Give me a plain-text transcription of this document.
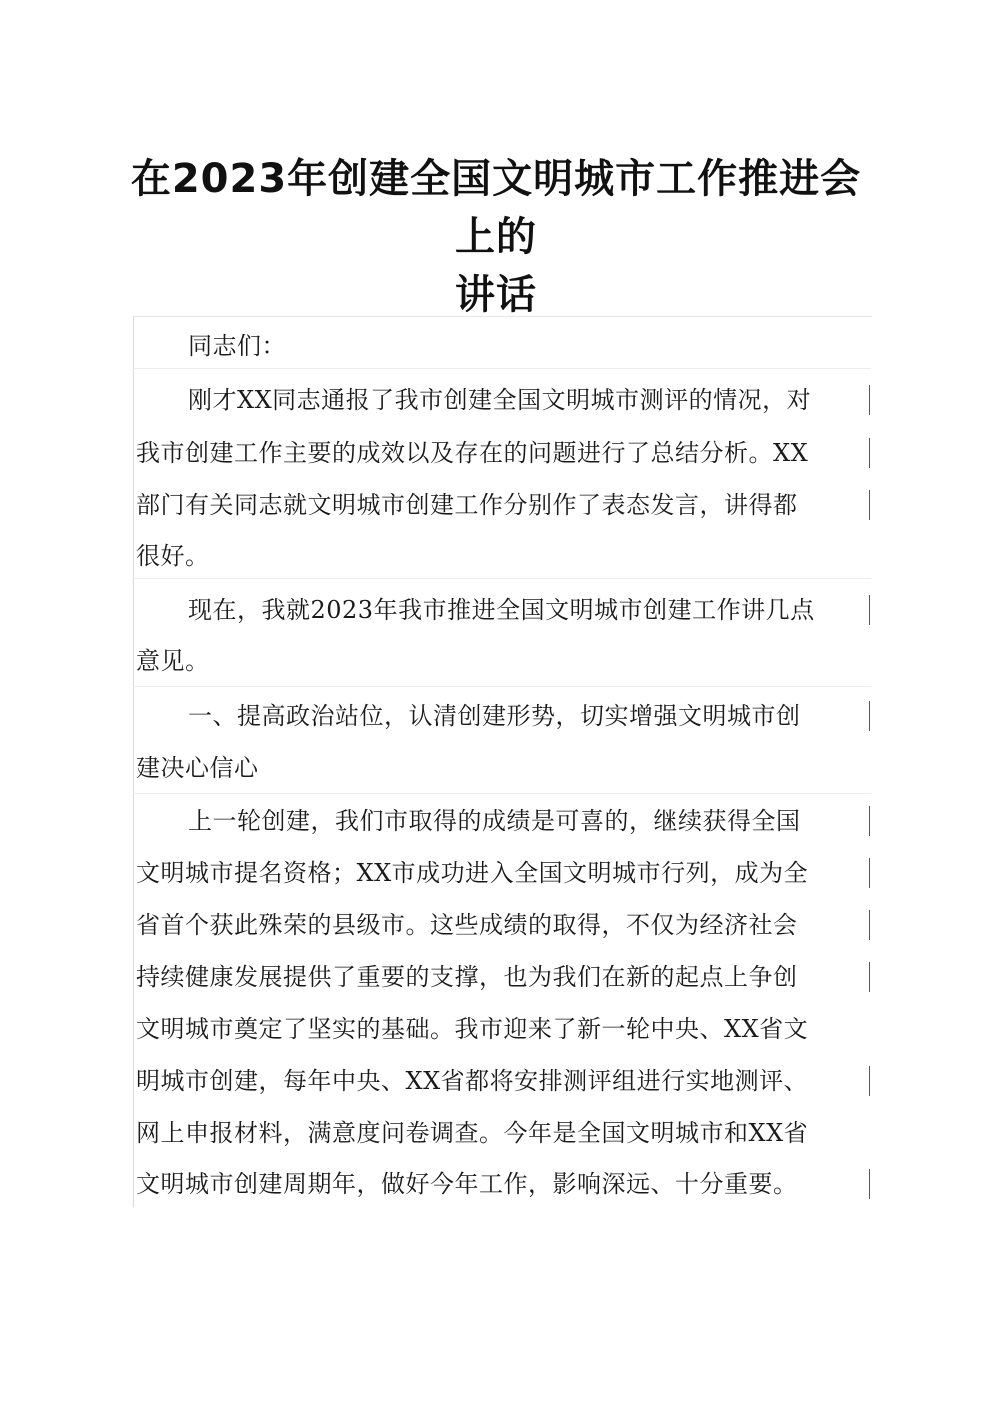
在2023年创建全国文明城市工作推进会上的
讲话
同志们：
刚才XX同志通报了我市创建全国文明城市测评的情况，对
我市创建工作主要的成效以及存在的问题进行了总结分析。XX
部门有关同志就文明城市创建工作分别作了表态发言，讲得都
很好。
现在，我就2023年我市推进全国文明城市创建工作讲几点
意见。
一、提高政治站位，认清创建形势，切实增强文明城市创
建决心信心
上一轮创建，我们市取得的成绩是可喜的，继续获得全国
文明城市提名资格；XX市成功进入全国文明城市行列，成为全
省首个获此殊荣的县级市。这些成绩的取得，不仅为经济社会
持续健康发展提供了重要的支撑，也为我们在新的起点上争创
文明城市奠定了坚实的基础。我市迎来了新一轮中央、XX省文
明城市创建，每年中央、XX省都将安排测评组进行实地测评、
网上申报材料，满意度问卷调查。今年是全国文明城市和XX省
文明城市创建周期年，做好今年工作，影响深远、十分重要。
